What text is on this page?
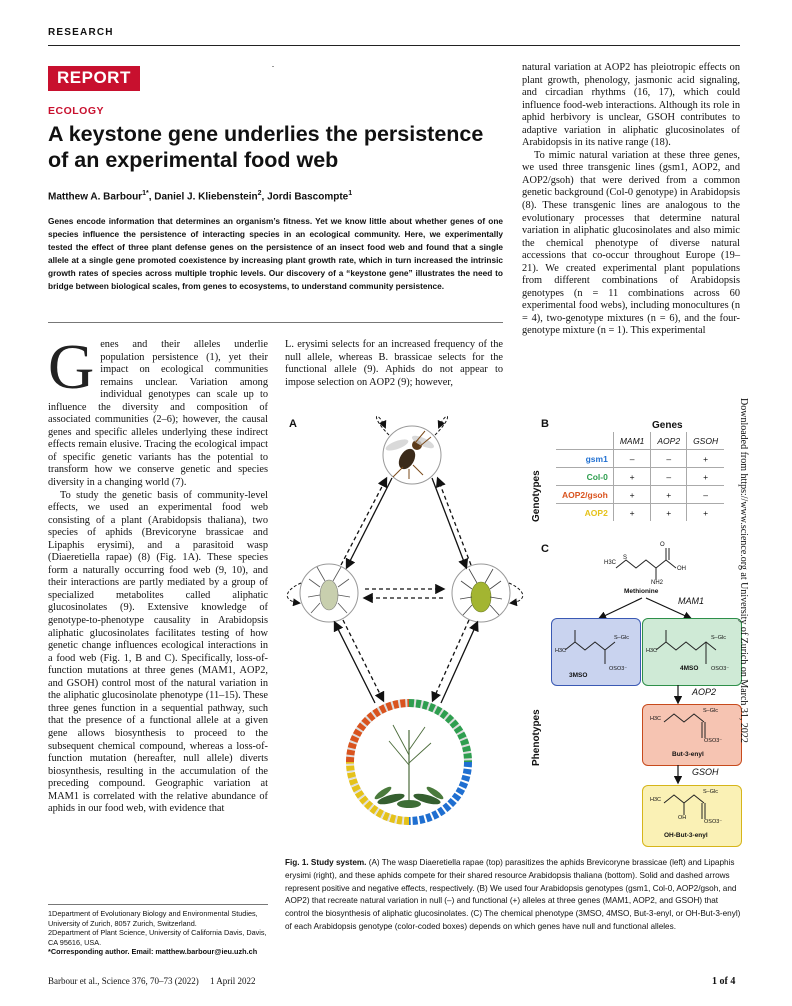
RESEARCH
REPORT
ECOLOGY
A keystone gene underlies the persistence of an experimental food web
Matthew A. Barbour$^{1*}$, Daniel J. Kliebenstein$^2$, Jordi Bascompte$^1$
Genes encode information that determines an organism’s fitness. Yet we know little about whether genes of one species influence the persistence of interacting species in an ecological community. Here, we experimentally tested the effect of three plant defense genes on the persistence of an insect food web and found that a single allele at a single gene promoted coexistence by increasing plant growth rate, which in turn increased the intrinsic growth rates of species across multiple trophic levels. Our discovery of a “keystone gene” illustrates the need to bridge between biological scales, from genes to ecosystems, to understand community persistence.

Genes and their alleles underlie population persistence (1), yet their impact on ecological communities remains unclear. Variation among individual genotypes can scale up to influence the diversity and composition of associated communities (2–6); however, the causal genes and specific alleles underlying these indirect effects remain elusive. Tracing the ecological impact of specific genetic variants has the potential to transform how we conserve genetic and species diversity in a changing world (7).

To study the genetic basis of community-level effects, we used an experimental food web consisting of a plant (Arabidopsis thaliana), two species of aphids (Brevicoryne brassicae and Lipaphis erysimi), and a parasitoid wasp (Diaeretiella rapae) (8) (Fig. 1A). These species form a naturally occurring food web (9, 10), and their interactions are partly mediated by a group of specialized metabolites called aliphatic glucosinolates (9). Extensive knowledge of genotype-to-phenotype causality in Arabidopsis aliphatic glucosinolates facilitates testing of how genetic change influences ecological interactions in a food web (Fig. 1, B and C). Specifically, loss-of-function mutations at three genes (MAM1, AOP2, and GSOH) control most of the natural variation in the aliphatic glucosinolate phenotype (11–15). These three genes function in a sequential pathway, such that the presence of a functional allele at a given gene allows biosynthesis to proceed to the subsequent chemical compound, whereas a loss-of-function mutation (hereafter, null allele) diverts biosynthesis, resulting in the accumulation of the preceding compound. Geographic variation at MAM1 is correlated with the relative abundance of aphids in our food web, with evidence that

L. erysimi selects for an increased frequency of the null allele, whereas B. brassicae selects for the functional allele (9). Aphids do not appear to impose selection on AOP2 (9); however,

natural variation at AOP2 has pleiotropic effects on plant growth, phenology, jasmonic acid signaling, and circadian rhythms (16, 17), which could influence food-web interactions. Although its role in aphid herbivory is unclear, GSOH contributes to adaptive variation in aliphatic glucosinolates of Arabidopsis in its native range (18).

To mimic natural variation at these three genes, we used three transgenic lines (gsm1, AOP2, and AOP2/gsoh) that were derived from a common genetic background (Col-0 genotype) in Arabidopsis (8). These transgenic lines are analogous to the evolutionary processes that determine natural variation in aliphatic glucosinolates and also mimic the chemical phenotype of diverse natural accessions that co-occur throughout Europe (19–21). We created experimental plant populations from different combinations of Arabidopsis genotypes (n = 11 combinations across 60 experimental food webs), including monocultures (n = 4), two-genotype mixtures (n = 6), and the four-genotype mixture (n = 1). This experimental

A	B	Genes
Genotypes
	MAM1	AOP2	GSOH
gsm1	–	–	+
Col-0	+	–	+
AOP2/gsoh	+	+	–
AOP2	+	+	+
C
Phenotypes
H3C
S
O
OH
NH2
Methionine
MAM1
H3C
S–Glc
OSO3⁻
3MSO
H3C
S–Glc
OSO3⁻
4MSO
AOP2
H3C
S–Glc
OSO3⁻
But-3-enyl
GSOH
H3C
S–Glc
OH
OSO3⁻
OH-But-3-enyl
Fig. 1. Study system. (A) The wasp Diaeretiella rapae (top) parasitizes the aphids Brevicoryne brassicae (left) and Lipaphis erysimi (right), and these aphids compete for their shared resource Arabidopsis thaliana (bottom). Solid and dashed arrows represent positive and negative effects, respectively. (B) We used four Arabidopsis genotypes (gsm1, Col-0, AOP2/gsoh, and AOP2) that recreate natural variation in null (–) and functional (+) alleles at three genes (MAM1, AOP2, and GSOH) that control the biosynthesis of aliphatic glucosinolates. (C) The chemical phenotype (3MSO, 4MSO, But-3-enyl, or OH-But-3-enyl) of each Arabidopsis genotype (color-coded boxes) depends on which genes have null and functional alleles.
1Department of Evolutionary Biology and Environmental Studies, University of Zurich, 8057 Zurich, Switzerland.
2Department of Plant Science, University of California Davis, Davis, CA 95616, USA.
*Corresponding author. Email: matthew.barbour@ieu.uzh.ch
Barbour et al., Science 376, 70–73 (2022)     1 April 2022	1 of 4
Downloaded from https://www.science.org at University of Zurich on March 31, 2022
